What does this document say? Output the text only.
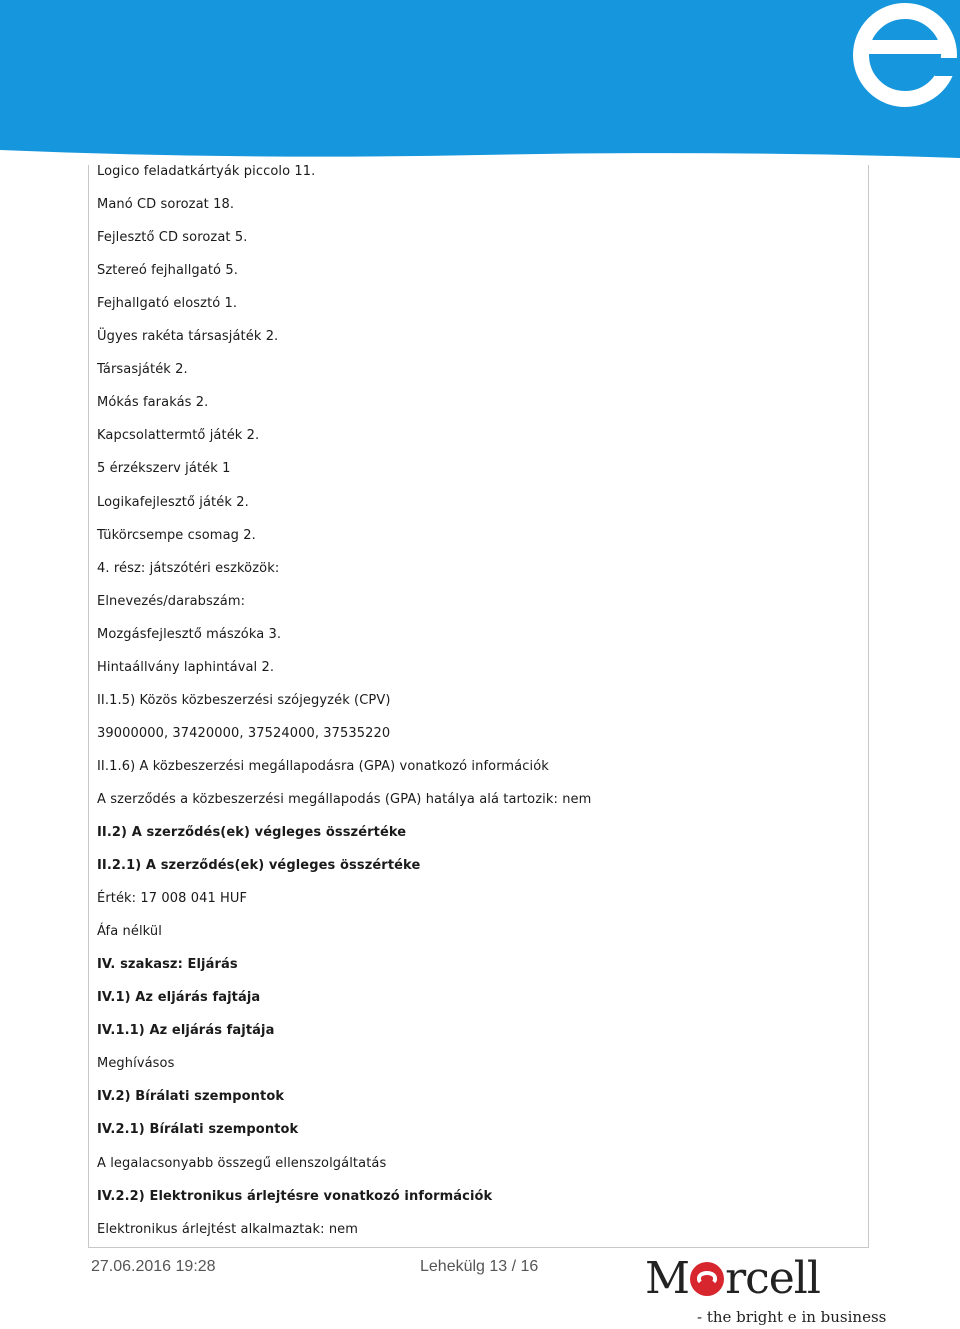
Logico feladatkártyák piccolo 11.
Manó CD sorozat 18.
Fejlesztő CD sorozat 5.
Sztereó fejhallgató 5.
Fejhallgató elosztó 1.
Ügyes rakéta társasjáték 2.
Társasjáték 2.
Mókás farakás 2.
Kapcsolattermtő játék 2.
5 érzékszerv játék 1
Logikafejlesztő játék 2.
Tükörcsempe csomag 2.
4. rész: játszótéri eszközök:
Elnevezés/darabszám:
Mozgásfejlesztő mászóka 3.
Hintaállvány laphintával 2.
II.1.5) Közös közbeszerzési szójegyzék (CPV)
39000000, 37420000, 37524000, 37535220
II.1.6) A közbeszerzési megállapodásra (GPA) vonatkozó információk
A szerződés a közbeszerzési megállapodás (GPA) hatálya alá tartozik: nem
II.2) A szerződés(ek) végleges összértéke
II.2.1) A szerződés(ek) végleges összértéke
Érték: 17 008 041 HUF
Áfa nélkül
IV. szakasz: Eljárás
IV.1) Az eljárás fajtája
IV.1.1) Az eljárás fajtája
Meghívásos
IV.2) Bírálati szempontok
IV.2.1) Bírálati szempontok
A legalacsonyabb összegű ellenszolgáltatás
IV.2.2) Elektronikus árlejtésre vonatkozó információk
Elektronikus árlejtést alkalmaztak: nem
27.06.2016 19:28	Lehekülg 13 / 16 M rcell
- the bright e in business
